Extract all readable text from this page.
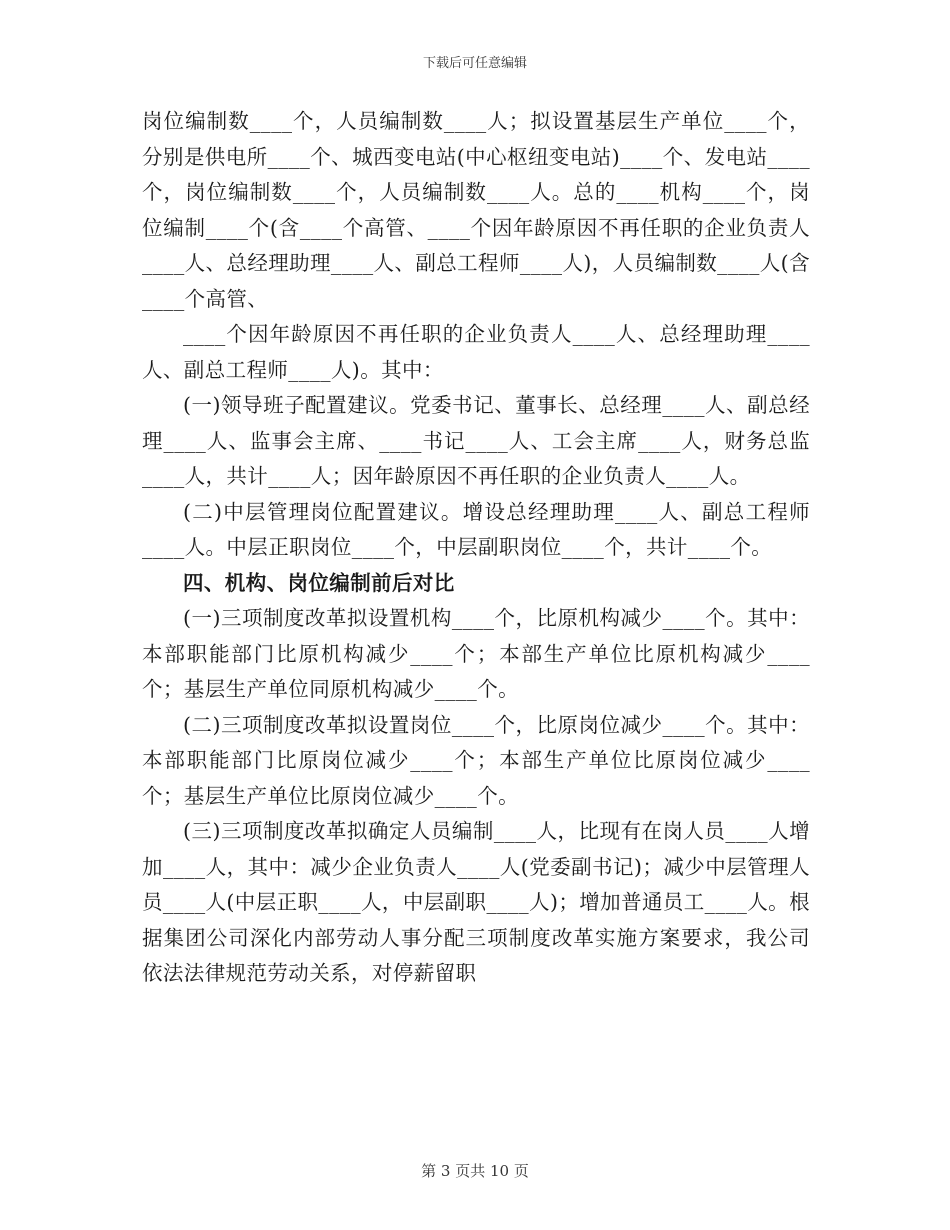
下载后可任意编辑

岗位编制数____个，人员编制数____人；拟设置基层生产单位____个，分别是供电所____个、城西变电站(中心枢纽变电站)____个、发电站____个，岗位编制数____个，人员编制数____人。总的____机构____个，岗位编制____个(含____个高管、____个因年龄原因不再任职的企业负责人____人、总经理助理____人、副总工程师____人)，人员编制数____人(含____个高管、

____个因年龄原因不再任职的企业负责人____人、总经理助理____人、副总工程师____人)。其中：

(一)领导班子配置建议。党委书记、董事长、总经理____人、副总经理____人、监事会主席、____书记____人、工会主席____人，财务总监____人，共计____人；因年龄原因不再任职的企业负责人____人。

(二)中层管理岗位配置建议。增设总经理助理____人、副总工程师____人。中层正职岗位____个，中层副职岗位____个，共计____个。

四、机构、岗位编制前后对比

(一)三项制度改革拟设置机构____个，比原机构减少____个。其中：本部职能部门比原机构减少____个；本部生产单位比原机构减少____个；基层生产单位同原机构减少____个。

(二)三项制度改革拟设置岗位____个，比原岗位减少____个。其中：本部职能部门比原岗位减少____个；本部生产单位比原岗位减少____个；基层生产单位比原岗位减少____个。

(三)三项制度改革拟确定人员编制____人，比现有在岗人员____人增加____人，其中：减少企业负责人____人(党委副书记)；减少中层管理人员____人(中层正职____人，中层副职____人)；增加普通员工____人。根据集团公司深化内部劳动人事分配三项制度改革实施方案要求，我公司依法法律规范劳动关系，对停薪留职

第 3 页共 10 页
